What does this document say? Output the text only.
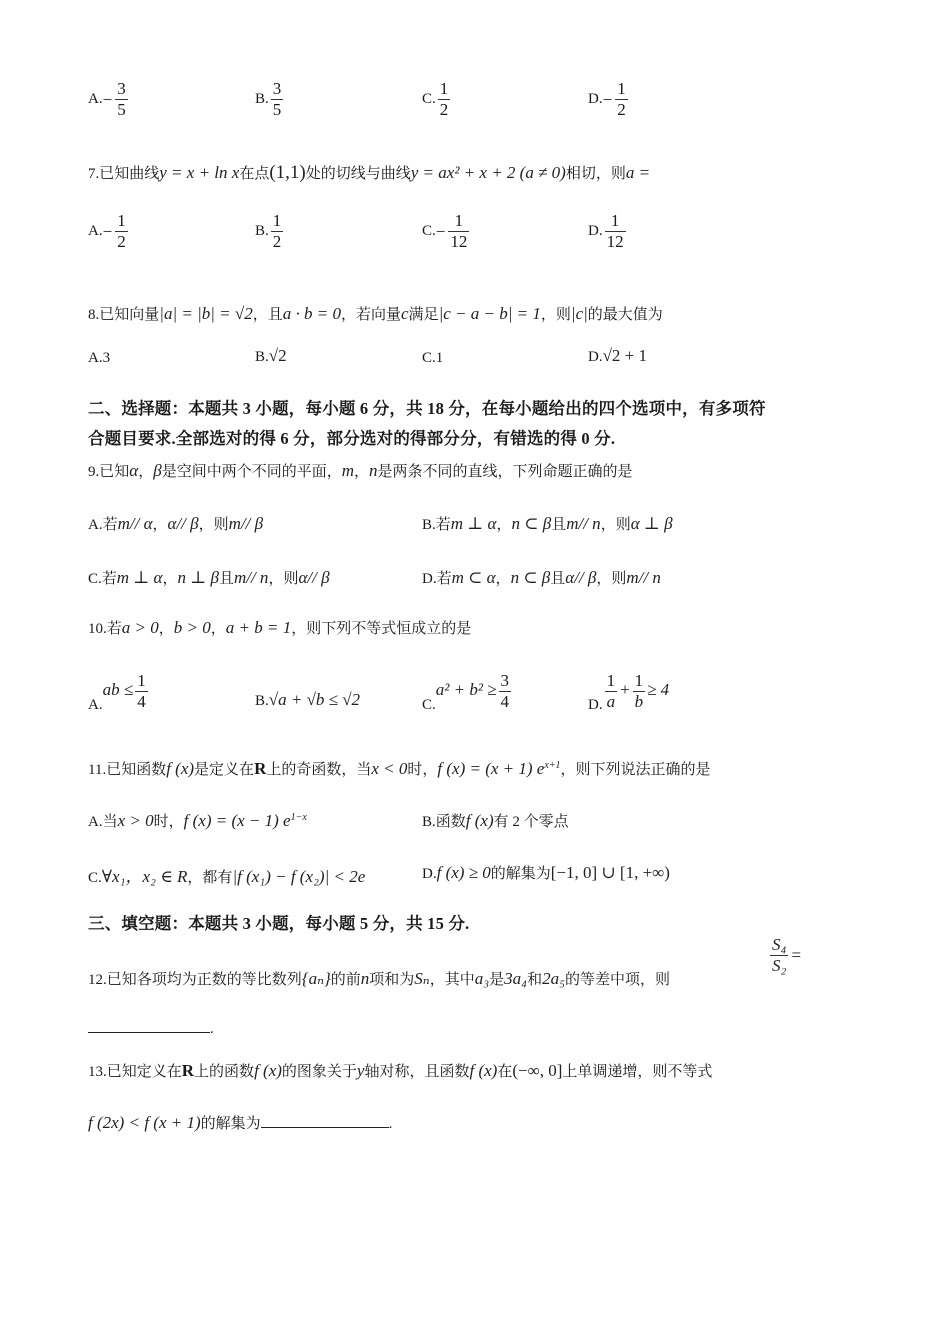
$A.- \frac{3}{5}$	B. $\frac{3}{5}$	C. $\frac{1}{2}$	$D.- \frac{1}{2}$
7.已知曲线y = x + ln x在点(1,1)处的切线与曲线y = ax² + x + 2 (a ≠ 0)相切，则a =
$A.- \frac{1}{2}$	B. $\frac{1}{2}$	$C.- \frac{1}{12}$	D. $\frac{1}{12}$
8.已知向量|a| = |b| = √2，且a · b = 0，若向量c满足|c − a − b| = 1，则|c|的最大值为
A.3	B.√2	C.1	D.√2 + 1
二、选择题：本题共 3 小题，每小题 6 分，共 18 分，在每小题给出的四个选项中，有多项符
合题目要求.全部选对的得 6 分，部分选对的得部分分，有错选的得 0 分.
9.已知α，β是空间中两个不同的平面，m，n是两条不同的直线，下列命题正确的是
A.若m// α，α// β，则m// β	B.若m ⊥ α，n ⊂ β且m// n，则α ⊥ β
C.若m ⊥ α，n ⊥ β且m// n，则α// β	D.若m ⊂ α，n ⊂ β且α// β，则m// n
10.若a > 0，b > 0，a + b = 1，则下列不等式恒成立的是
$A.ab \le \frac{1}{4}$	B.√a + √b ≤ √2	$C.a^2 + b^2 \ge \frac{3}{4}$	D. $\frac{1}{a} + \frac{1}{b} \ge 4$
11.已知函数f (x)是定义在R上的奇函数，当x < 0时，f (x) = (x + 1) $e^{x+1}$，则下列说法正确的是
A.当x > 0时，f (x) = (x − 1) $e^{1-x}$	B.函数f (x)有 2 个零点
C.∀x₁，x₂ ∈ R，都有|f (x₁) − f (x₂)| < 2e	D.f (x) ≥ 0的解集为[−1, 0] ∪ [1, +∞)
三、填空题：本题共 3 小题，每小题 5 分，共 15 分.
12.已知各项均为正数的等比数列{aₙ}的前n项和为Sₙ，其中a₃是3a₄和2a₅的等差中项，则
$\frac{\text{S₄}}{\text{S₂}}$ =
.
13.已知定义在R上的函数f (x)的图象关于y轴对称，且函数f (x)在(−∞, 0]上单调递增，则不等式
f (2x) < f (x + 1)的解集为	.
